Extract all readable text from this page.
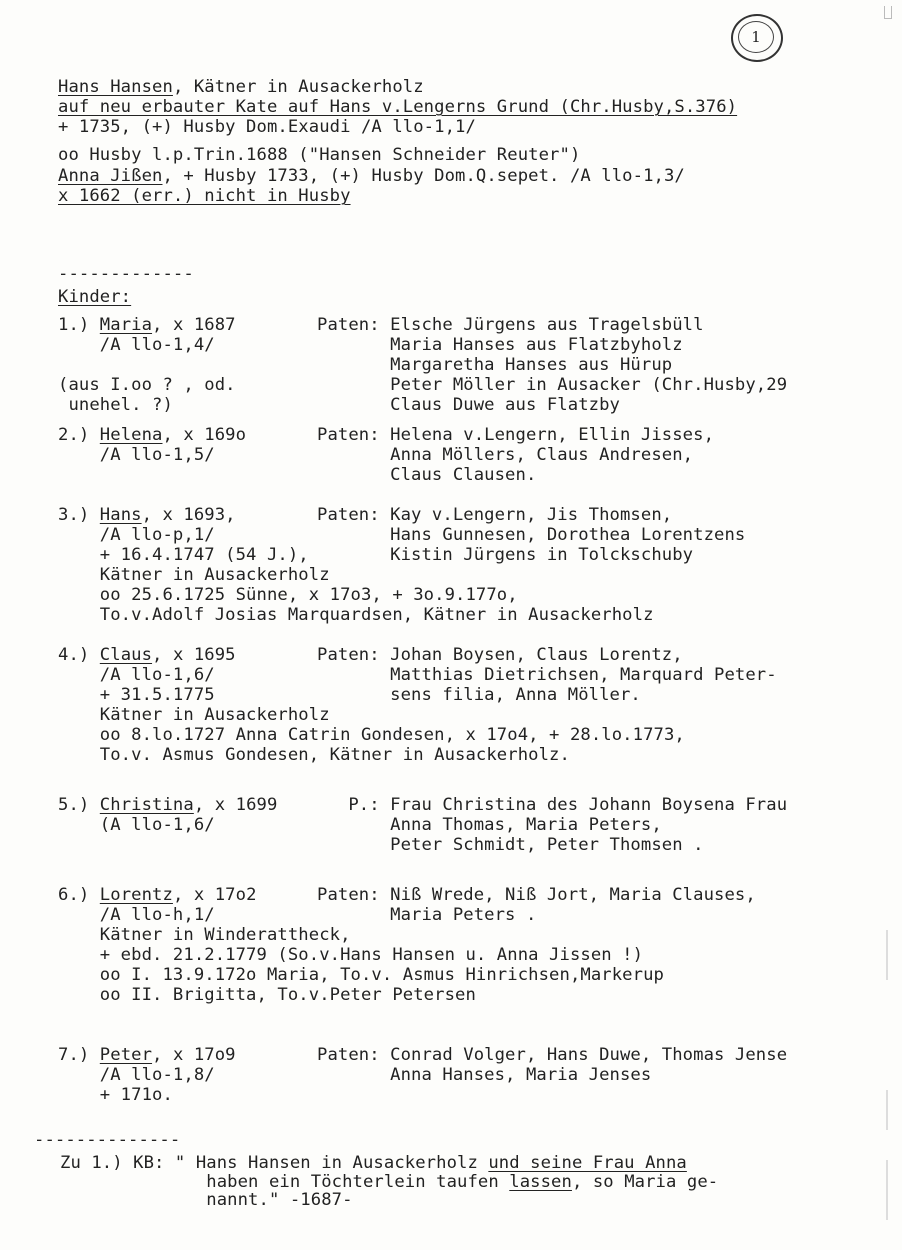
1
Hans Hansen, Kätner in Ausackerholz
auf neu erbauter Kate auf Hans v.Lengerns Grund (Chr.Husby,S.376)
+ 1735, (+) Husby Dom.Exaudi /A llo-1,1/
oo Husby l.p.Trin.1688 ("Hansen Schneider Reuter")
Anna Jißen, + Husby 1733, (+) Husby Dom.Q.sepet. /A llo-1,3/
x 1662 (err.) nicht in Husby
-------------
Kinder:
1.) Maria, x 1687	Paten: Elsche Jürgens aus Tragelsbüll
/A llo-1,4/	Maria Hanses aus Flatzbyholz
Margaretha Hanses aus Hürup
(aus I.oo ? , od.	Peter Möller in Ausacker (Chr.Husby,29
unehel. ?)	Claus Duwe aus Flatzby
2.) Helena, x 169o	Paten: Helena v.Lengern, Ellin Jisses,
/A llo-1,5/	Anna Möllers, Claus Andresen,
Claus Clausen.
3.) Hans, x 1693,	Paten: Kay v.Lengern, Jis Thomsen,
/A llo-p,1/	Hans Gunnesen, Dorothea Lorentzens
+ 16.4.1747 (54 J.), Kistin Jürgens in Tolckschuby
Kätner in Ausackerholz
oo 25.6.1725 Sünne, x 17o3, + 3o.9.177o,
To.v.Adolf Josias Marquardsen, Kätner in Ausackerholz
4.) Claus, x 1695	Paten: Johan Boysen, Claus Lorentz,
/A llo-1,6/	Matthias Dietrichsen, Marquard Peter-
+ 31.5.1775	sens filia, Anna Möller.
Kätner in Ausackerholz
oo 8.lo.1727 Anna Catrin Gondesen, x 17o4, + 28.lo.1773,
To.v. Asmus Gondesen, Kätner in Ausackerholz.
5.) Christina, x 1699 P.: Frau Christina des Johann Boysena Frau
(A llo-1,6/	Anna Thomas, Maria Peters,
Peter Schmidt, Peter Thomsen .
6.) Lorentz, x 17o2	Paten: Niß Wrede, Niß Jort, Maria Clauses,
/A llo-h,1/	Maria Peters .
Kätner in Winderattheck,
+ ebd. 21.2.1779 (So.v.Hans Hansen u. Anna Jissen !)
oo I. 13.9.172o Maria, To.v. Asmus Hinrichsen,Markerup
oo II. Brigitta, To.v.Peter Petersen
7.) Peter, x 17o9	Paten: Conrad Volger, Hans Duwe, Thomas Jense
/A llo-1,8/	Anna Hanses, Maria Jenses
+ 171o.
--------------
Zu 1.) KB: " Hans Hansen in Ausackerholz und seine Frau Anna
haben ein Töchterlein taufen lassen, so Maria ge-
nannt." -1687-
